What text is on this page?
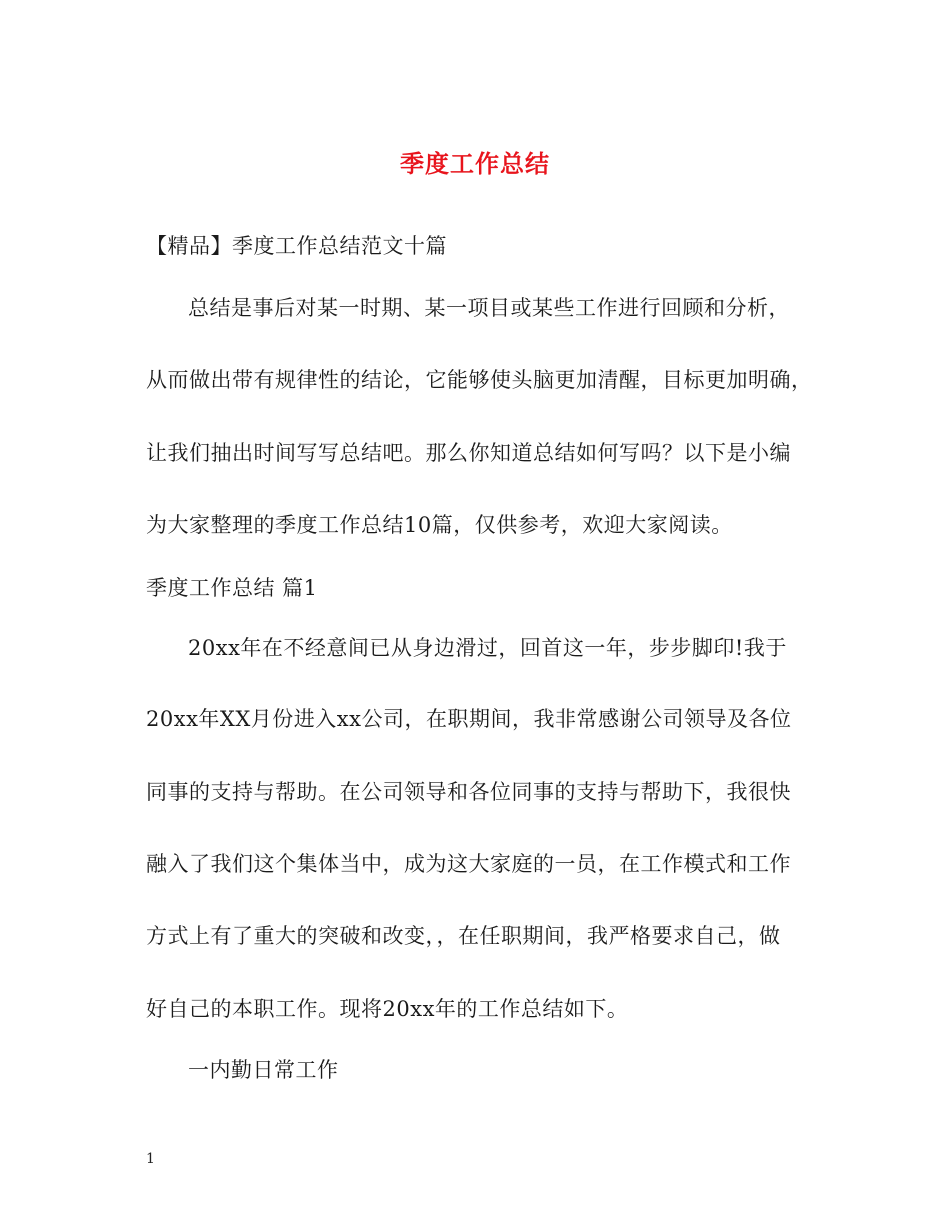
季度工作总结
【精品】季度工作总结范文十篇
总结是事后对某一时期、某一项目或某些工作进行回顾和分析，
从而做出带有规律性的结论，它能够使头脑更加清醒，目标更加明确，
让我们抽出时间写写总结吧。那么你知道总结如何写吗？以下是小编
为大家整理的季度工作总结10篇，仅供参考，欢迎大家阅读。
季度工作总结 篇1
20xx年在不经意间已从身边滑过，回首这一年，步步脚印!我于
20xx年XX月份进入xx公司，在职期间，我非常感谢公司领导及各位
同事的支持与帮助。在公司领导和各位同事的支持与帮助下，我很快
融入了我们这个集体当中，成为这大家庭的一员，在工作模式和工作
方式上有了重大的突破和改变，，在任职期间，我严格要求自己，做
好自己的本职工作。现将20xx年的工作总结如下。
一内勤日常工作
1
